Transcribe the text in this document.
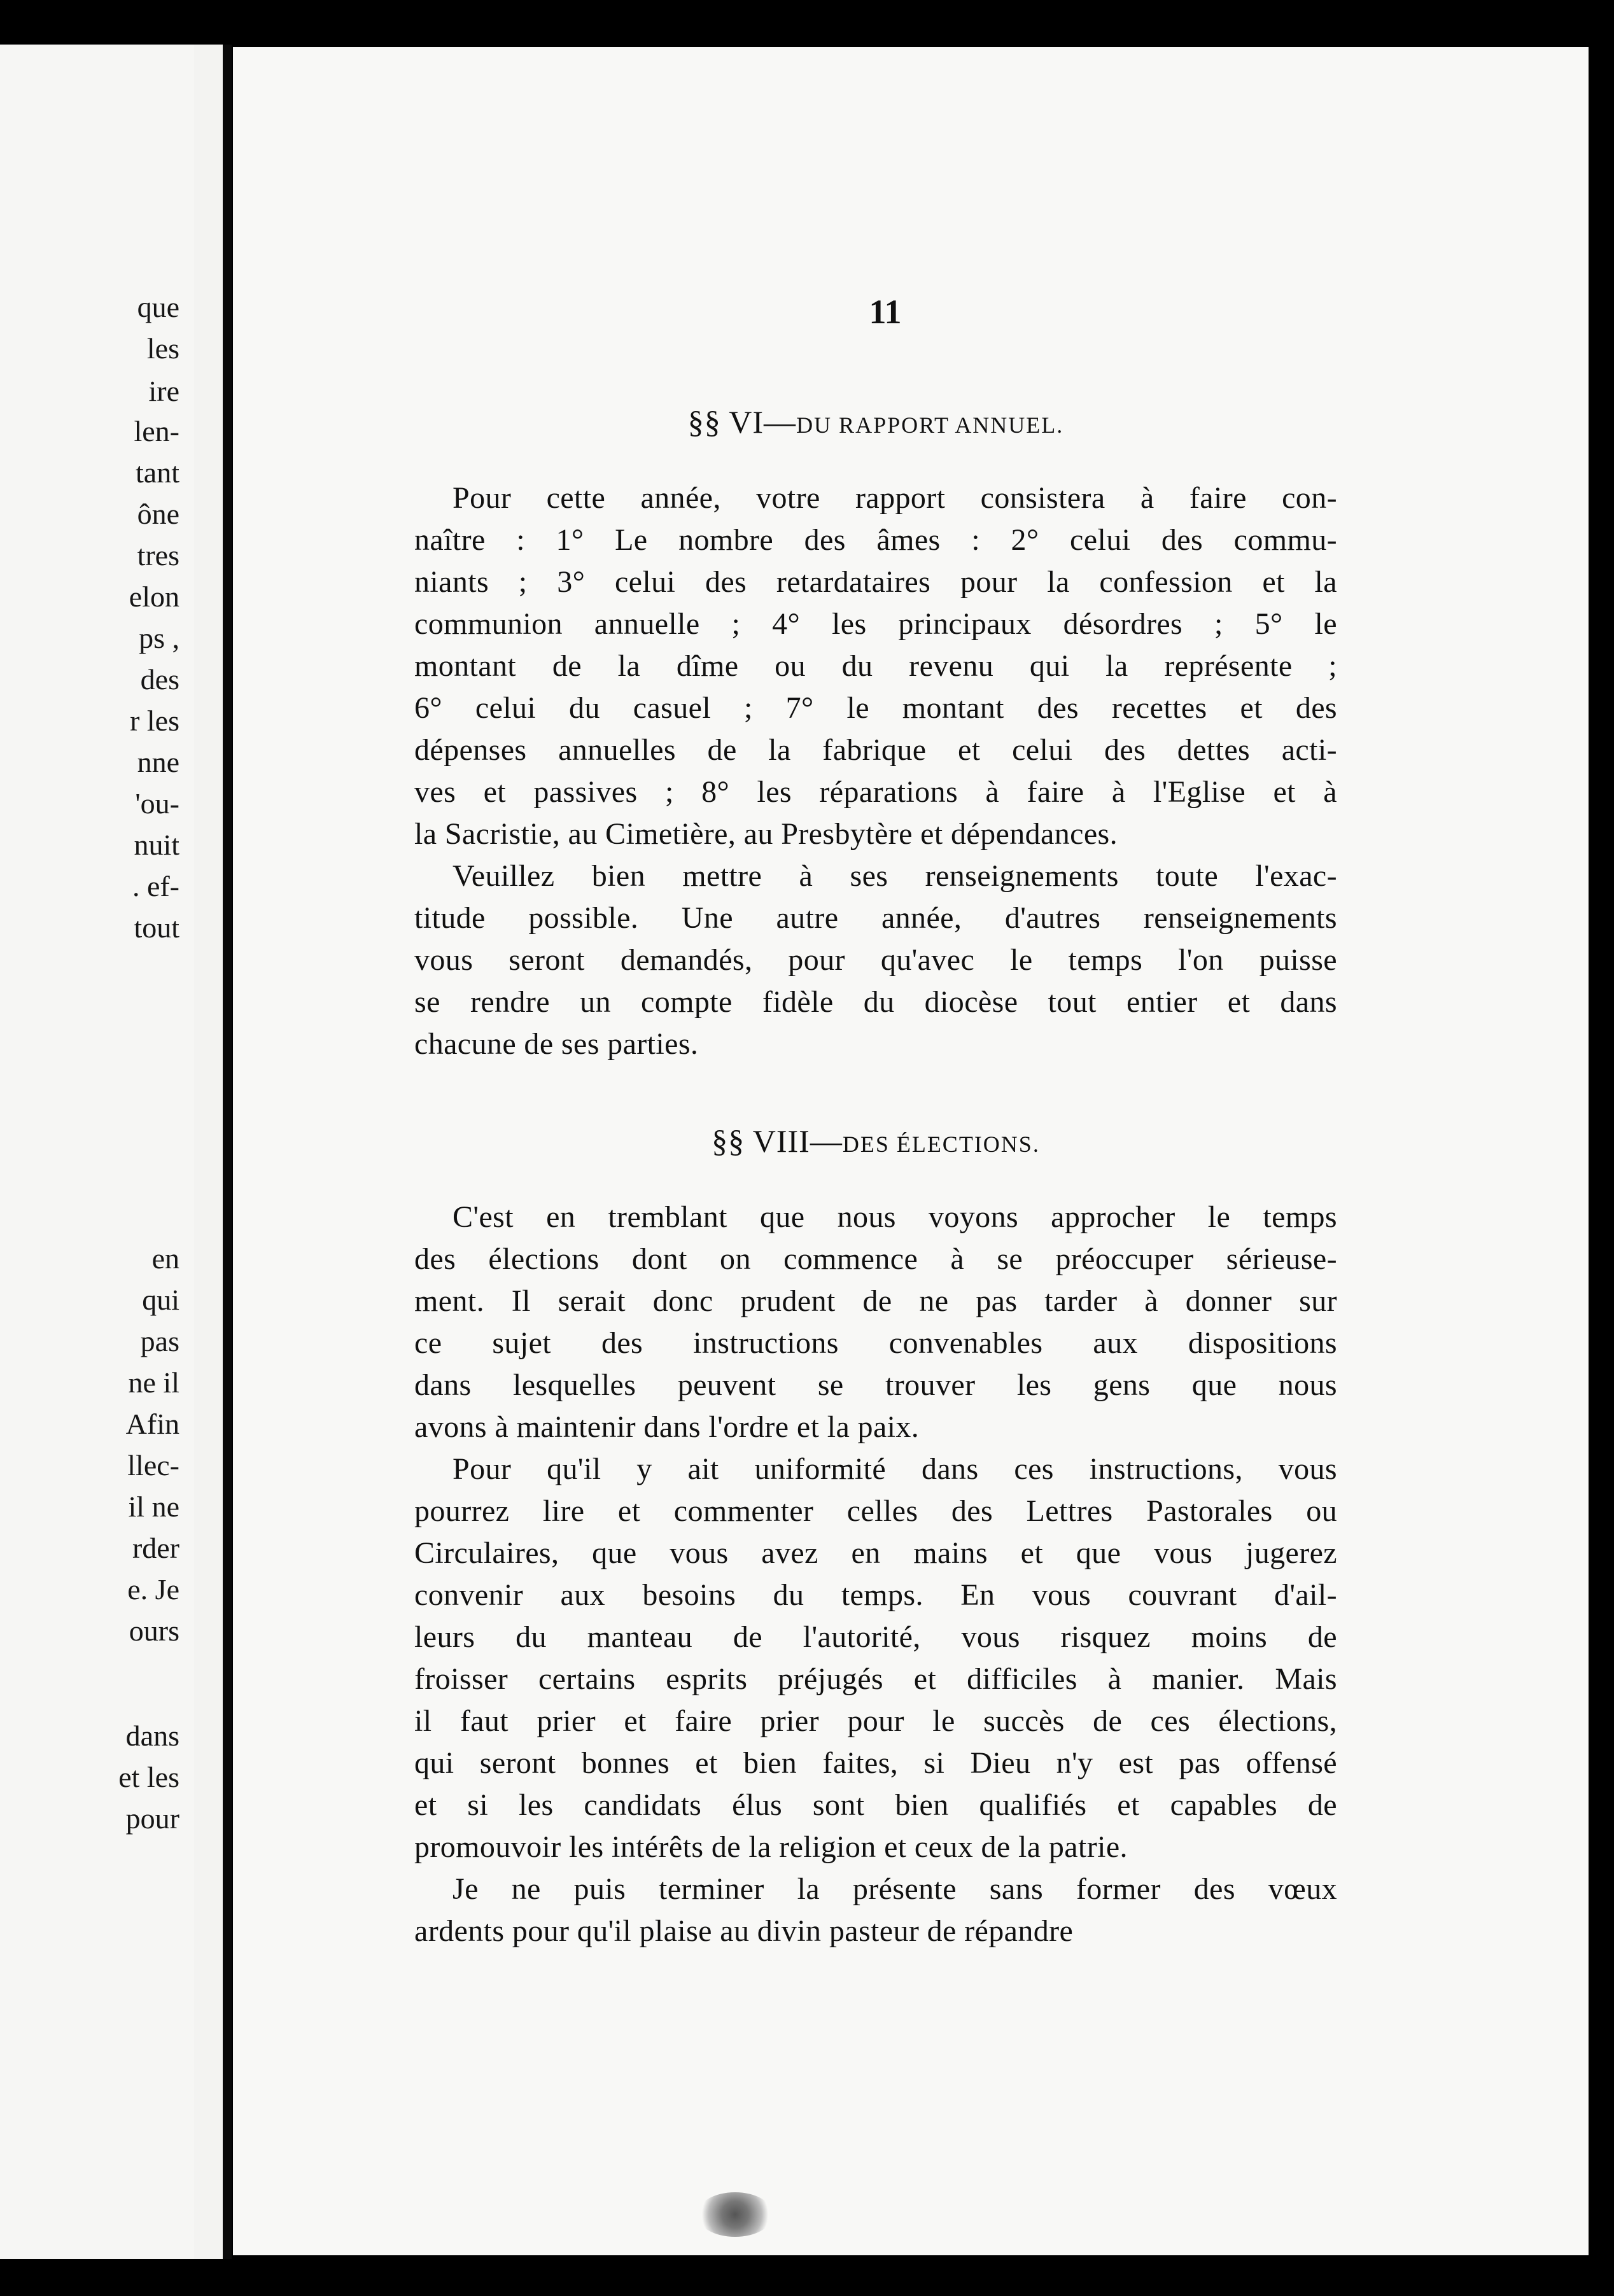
que
les
ire
len-
tant
ône
tres
elon
ps ,
des
r les
nne
'ou-
nuit
. ef-
tout
en
qui
pas
ne il
Afin
llec-
il ne
rder
e. Je
ours
dans
et les
pour
11
§§ VI—DU RAPPORT ANNUEL.
Pour cette année, votre rapport consistera à faire con-
naître : 1° Le nombre des âmes : 2° celui des commu-
niants ; 3° celui des retardataires pour la confession et la
communion annuelle ; 4° les principaux désordres ; 5° le
montant de la dîme ou du revenu qui la représente ;
6° celui du casuel ; 7° le montant des recettes et des
dépenses annuelles de la fabrique et celui des dettes acti-
ves et passives ; 8° les réparations à faire à l'Eglise et à
la Sacristie, au Cimetière, au Presbytère et dépendances.
Veuillez bien mettre à ses renseignements toute l'exac-
titude possible. Une autre année, d'autres renseignements
vous seront demandés, pour qu'avec le temps l'on puisse
se rendre un compte fidèle du diocèse tout entier et dans
chacune de ses parties.
§§ VIII—DES ÉLECTIONS.
C'est en tremblant que nous voyons approcher le temps
des élections dont on commence à se préoccuper sérieuse-
ment. Il serait donc prudent de ne pas tarder à donner sur
ce sujet des instructions convenables aux dispositions
dans lesquelles peuvent se trouver les gens que nous
avons à maintenir dans l'ordre et la paix.
Pour qu'il y ait uniformité dans ces instructions, vous
pourrez lire et commenter celles des Lettres Pastorales ou
Circulaires, que vous avez en mains et que vous jugerez
convenir aux besoins du temps. En vous couvrant d'ail-
leurs du manteau de l'autorité, vous risquez moins de
froisser certains esprits préjugés et difficiles à manier. Mais
il faut prier et faire prier pour le succès de ces élections,
qui seront bonnes et bien faites, si Dieu n'y est pas offensé
et si les candidats élus sont bien qualifiés et capables de
promouvoir les intérêts de la religion et ceux de la patrie.
Je ne puis terminer la présente sans former des vœux
ardents pour qu'il plaise au divin pasteur de répandre
